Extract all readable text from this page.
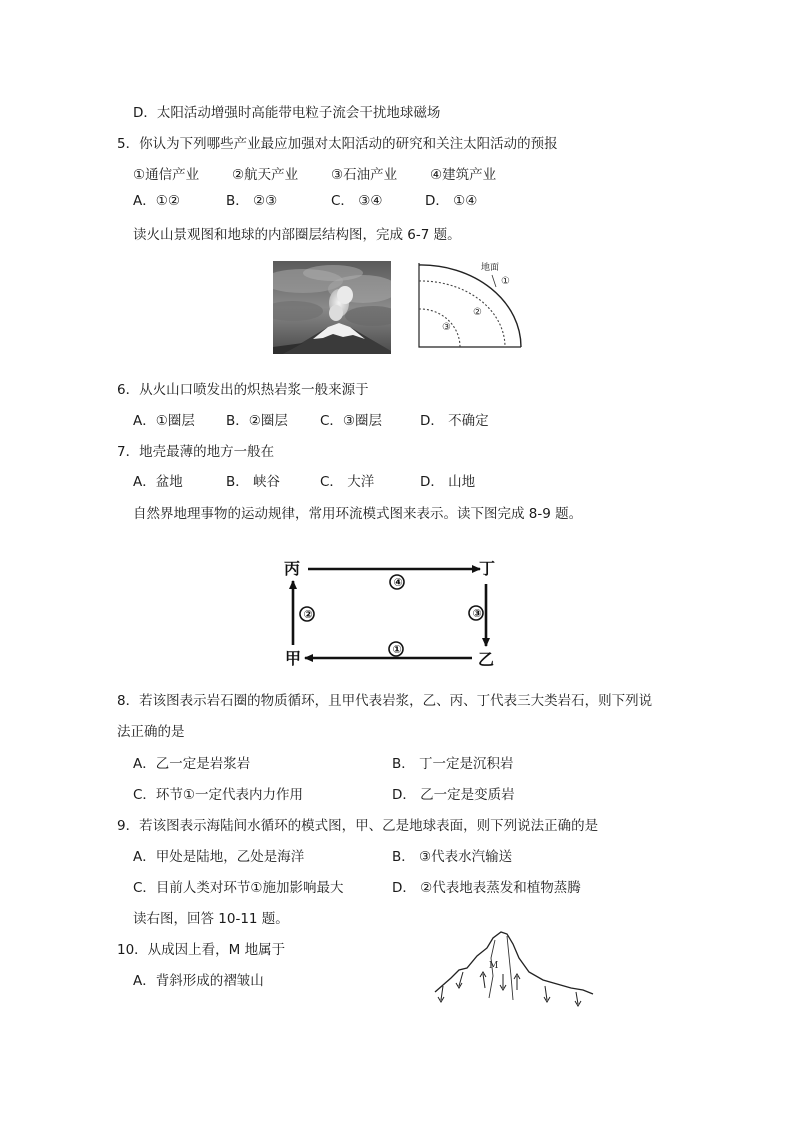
D．太阳活动增强时高能带电粒子流会干扰地球磁场
5．你认为下列哪些产业最应加强对太阳活动的研究和关注太阳活动的预报
①通信产业 ②航天产业 ③石油产业 ④建筑产业
A．①②	B． ②③	C． ③④	D． ①④
读火山景观图和地球的内部圈层结构图，完成 6-7 题。
地面
①
②
③
6．从火山口喷发出的炽热岩浆一般来源于
A．①圈层 B．②圈层 C．③圈层	D． 不确定
7．地壳最薄的地方一般在
A．盆地	B． 峡谷	C． 大洋	D． 山地
自然界地理事物的运动规律，常用环流模式图来表示。读下图完成 8-9 题。
丙	丁
甲	乙
④
③
①
②
8．若该图表示岩石圈的物质循环，且甲代表岩浆，乙、丙、丁代表三大类岩石，则下列说
法正确的是
A．乙一定是岩浆岩	B． 丁一定是沉积岩
C．环节①一定代表内力作用	D． 乙一定是变质岩
9．若该图表示海陆间水循环的模式图，甲、乙是地球表面，则下列说法正确的是
A．甲处是陆地，乙处是海洋	B． ③代表水汽输送
C．目前人类对环节①施加影响最大	D． ②代表地表蒸发和植物蒸腾
读右图，回答 10-11 题。
10．从成因上看，M 地属于
A．背斜形成的褶皱山
M
